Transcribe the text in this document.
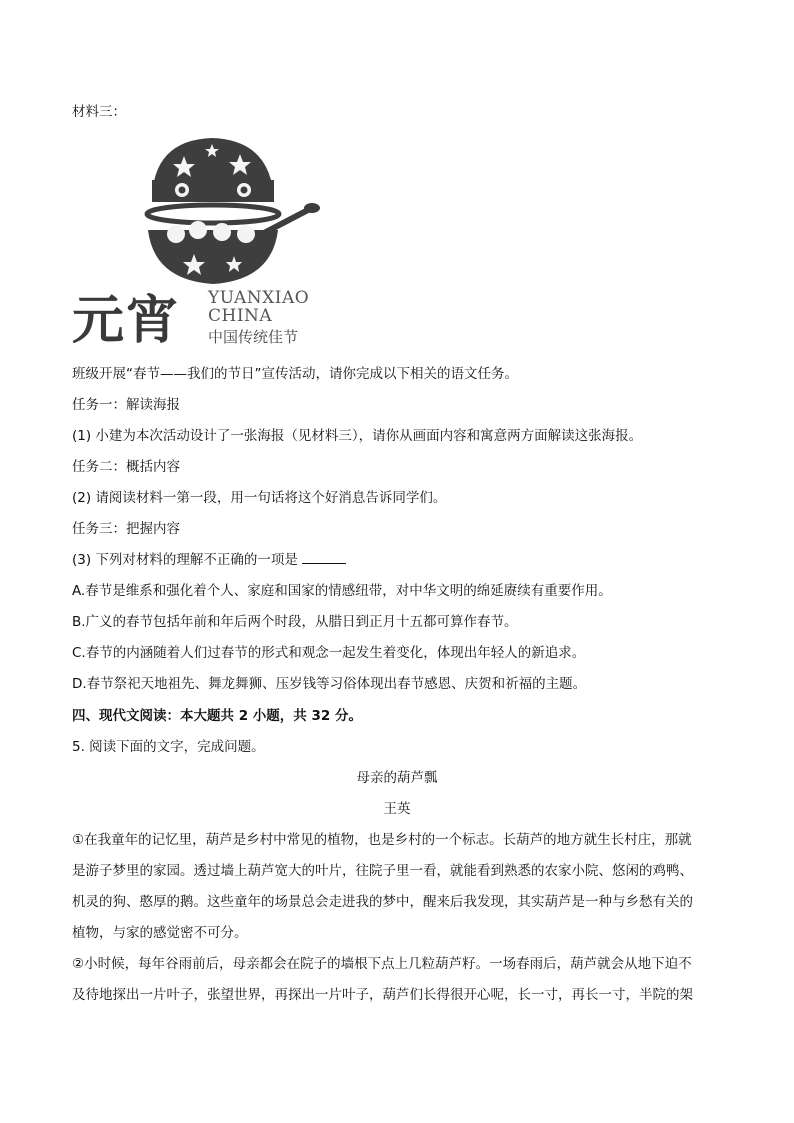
材料三：
元宵 YUANXIAO
CHINA
中国传统佳节
班级开展“春节——我们的节日”宣传活动，请你完成以下相关的语文任务。
任务一：解读海报
(1) 小建为本次活动设计了一张海报（见材料三），请你从画面内容和寓意两方面解读这张海报。
任务二：概括内容
(2) 请阅读材料一第一段，用一句话将这个好消息告诉同学们。
任务三：把握内容
(3) 下列对材料的理解不正确的一项是
A.春节是维系和强化着个人、家庭和国家的情感纽带，对中华文明的绵延赓续有重要作用。
B.广义的春节包括年前和年后两个时段，从腊日到正月十五都可算作春节。
C.春节的内涵随着人们过春节的形式和观念一起发生着变化，体现出年轻人的新追求。
D.春节祭祀天地祖先、舞龙舞狮、压岁钱等习俗体现出春节感恩、庆贺和祈福的主题。
四、现代文阅读：本大题共 2 小题，共 32 分。
5. 阅读下面的文字，完成问题。
母亲的葫芦瓢
王英
①在我童年的记忆里，葫芦是乡村中常见的植物，也是乡村的一个标志。长葫芦的地方就生长村庄，那就
是游子梦里的家园。透过墙上葫芦宽大的叶片，往院子里一看，就能看到熟悉的农家小院、悠闲的鸡鸭、
机灵的狗、憨厚的鹅。这些童年的场景总会走进我的梦中，醒来后我发现，其实葫芦是一种与乡愁有关的
植物，与家的感觉密不可分。
②小时候，每年谷雨前后，母亲都会在院子的墙根下点上几粒葫芦籽。一场春雨后，葫芦就会从地下迫不
及待地探出一片叶子，张望世界，再探出一片叶子，葫芦们长得很开心呢，长一寸，再长一寸，半院的架
